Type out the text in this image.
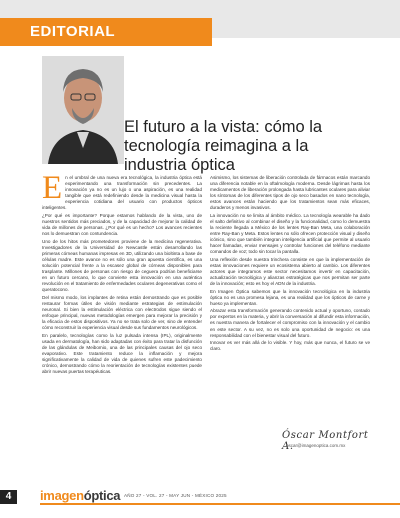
EDITORIAL
El futuro a la vista: cómo la tecnología reimagina a la industria óptica

En el umbral de una nueva era tecnológica, la industria óptica está experimentando una transformación sin precedentes. La innovación ya no es un lujo o una aspiración, es una realidad tangible que está redefiniendo desde la medicina visual hasta la experiencia cotidiana del usuario con productos ópticos inteligentes.

¿Por qué es importante? Porque estamos hablando de la vista, uno de nuestros sentidos más preciados, y de la capacidad de mejorar la calidad de vida de millones de personas. ¿Por qué es un hecho? Los avances recientes nos lo demuestran con contundencia.

Uno de los hitos más prometedores proviene de la medicina regenerativa. Investigadores de la Universidad de Newcastle están desarrollando las primeras córneas humanas impresas en 3D, utilizando una bioltinta a base de células madre. Este avance no es sólo una gran apuesta científica, es una solución potencial frente a la escasez global de córneas disponibles para trasplante. Millones de personas con riesgo de ceguera podrían beneficiarse en un futuro cercano, lo que convierte esta innovación en una auténtica revolución en el tratamiento de enfermedades oculares degenerativas como el queratocono.

Del mismo modo, los implantes de retina están demostrando que es posible restaurar formas útiles de visión mediante estrategias de estimulación neuronal. Si bien la estimulación eléctrica con electrodos sigue siendo el enfoque principal, nuevas metodologías emergen para mejorar la precisión y la eficacia de estos dispositivos. Ya no se trata solo de ver, sino de entender cómo reconstruir la experiencia visual desde sus fundamentos neurológicos.

En paralelo, tecnologías como la luz pulsada intensa (IPL), originalmente usada en dermatología, han sido adaptadas con éxito para tratar la disfunción de las glándulas de Meibomio, una de las principales causas del ojo seco evaporativo. Este tratamiento reduce la inflamación y mejora significativamente la calidad de vida de quienes sufren este padecimiento crónico, demostrando cómo la reorientación de tecnologías existentes puede abrir nuevas puertas terapéuticas.

Asimismo, los sistemas de liberación controlada de fármacos están marcando una diferencia notable en la oftalmología moderna. Desde lágrimas hasta los medicamentos de liberación prolongada hasta lubricantes oculares para aliviar los síntomas de los diferentes tipos de ojo seco basados en nano tecnología, estos avances están haciendo que los tratamientos sean más eficaces, duraderos y menos invasivos.

La innovación no se limita al ámbito médico. La tecnología wearable ha dado el salto definitivo al combinar el diseño y la funcionalidad, como lo demuestra la reciente llegada a México de los lentes Ray-Ban Meta, una colaboración entre Ray-Ban y Meta. Estos lentes no sólo ofrecen protección visual y diseño icónico, sino que también integran inteligencia artificial que permite al usuario hacer llamadas, enviar mensajes y controlar funciones del teléfono mediante comandos de voz; todo sin tocar la pantalla.

Una reflexión desde nuestra trinchera consiste en que la implementación de estas innovaciones requiere un ecosistema abierto al cambio. Los diferentes actores que integramos este sector necesitamos invertir en capacitación, actualización tecnológica y alianzas estratégicas que nos permitan ser parte de la innovación; esto es hoy el ADN de la industria.

En Imagen Óptica sabemos que la innovación tecnológica en la industria óptica no es una promesa lejana, es una realidad que los ópticos de carne y hueso ya implementan.

Abrazar esta transformación generando contenido actual y oportuno, contado por expertos en la materia, y abrir la conversación al difundir esta información, es nuestra manera de fortalecer el compromiso con la innovación y el cambio en este sector. A su vez, no es solo una oportunidad de negocio: es una responsabilidad con el bienestar visual del futuro.

Innovar es ver más allá de lo visible. Y hoy, más que nunca, el futuro se ve claro.

Óscar Montfort A.
oscar@imagenoptica.com.mx
4	imagenóptica AÑO 27 - VOL. 27 - MAY JUN - MÉXICO 2025
